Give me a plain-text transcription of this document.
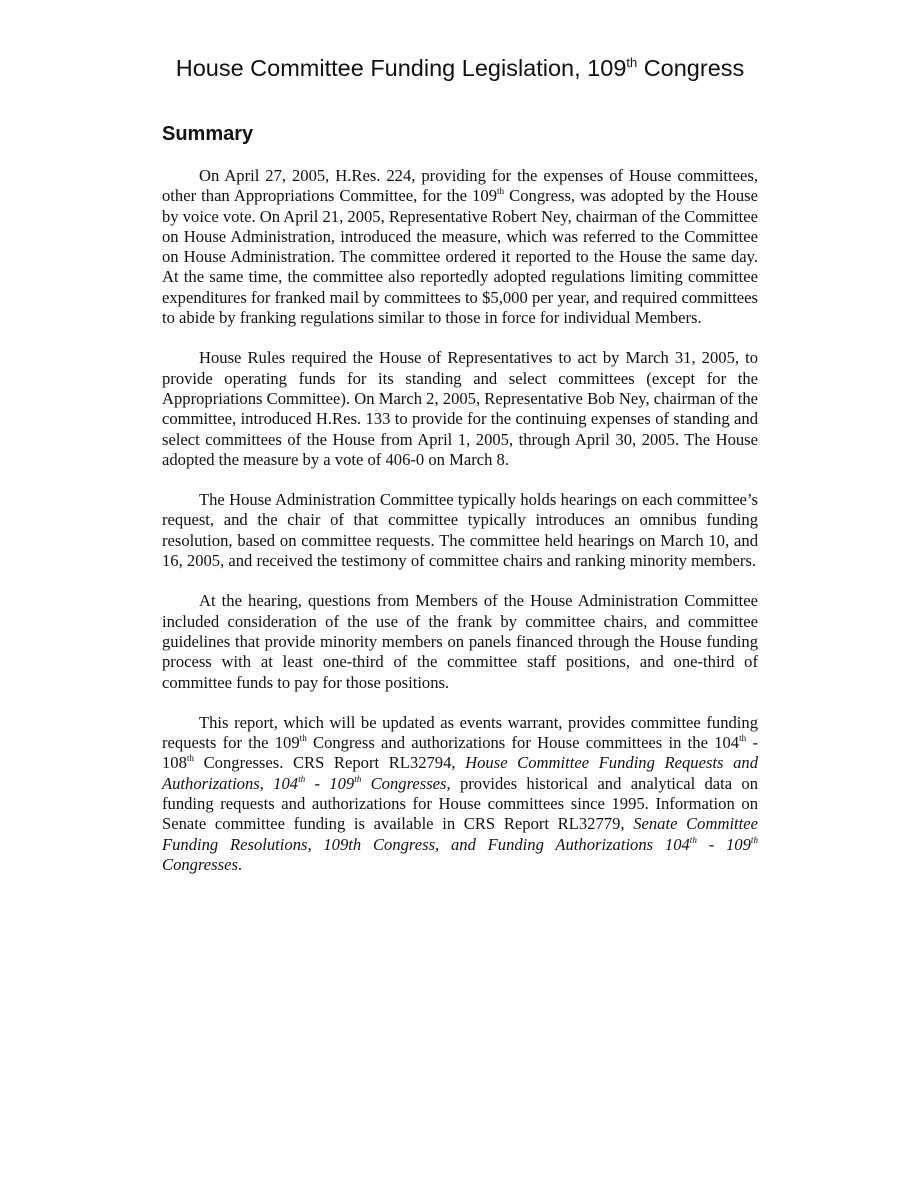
House Committee Funding Legislation, 109th Congress
Summary

On April 27, 2005, H.Res. 224, providing for the expenses of House committees, other than Appropriations Committee, for the 109th Congress, was adopted by the House by voice vote. On April 21, 2005, Representative Robert Ney, chairman of the Committee on House Administration, introduced the measure, which was referred to the Committee on House Administration. The committee ordered it reported to the House the same day. At the same time, the committee also reportedly adopted regulations limiting committee expenditures for franked mail by committees to $5,000 per year, and required committees to abide by franking regulations similar to those in force for individual Members.

House Rules required the House of Representatives to act by March 31, 2005, to provide operating funds for its standing and select committees (except for the Appropriations Committee). On March 2, 2005, Representative Bob Ney, chairman of the committee, introduced H.Res. 133 to provide for the continuing expenses of standing and select committees of the House from April 1, 2005, through April 30, 2005. The House adopted the measure by a vote of 406-0 on March 8.

The House Administration Committee typically holds hearings on each committee’s request, and the chair of that committee typically introduces an omnibus funding resolution, based on committee requests. The committee held hearings on March 10, and 16, 2005, and received the testimony of committee chairs and ranking minority members.

At the hearing, questions from Members of the House Administration Committee included consideration of the use of the frank by committee chairs, and committee guidelines that provide minority members on panels financed through the House funding process with at least one-third of the committee staff positions, and one-third of committee funds to pay for those positions.

This report, which will be updated as events warrant, provides committee funding requests for the 109th Congress and authorizations for House committees in the 104th - 108th Congresses. CRS Report RL32794, House Committee Funding Requests and Authorizations, 104th - 109th Congresses, provides historical and analytical data on funding requests and authorizations for House committees since 1995. Information on Senate committee funding is available in CRS Report RL32779, Senate Committee Funding Resolutions, 109th Congress, and Funding Authorizations 104th - 109th Congresses.
